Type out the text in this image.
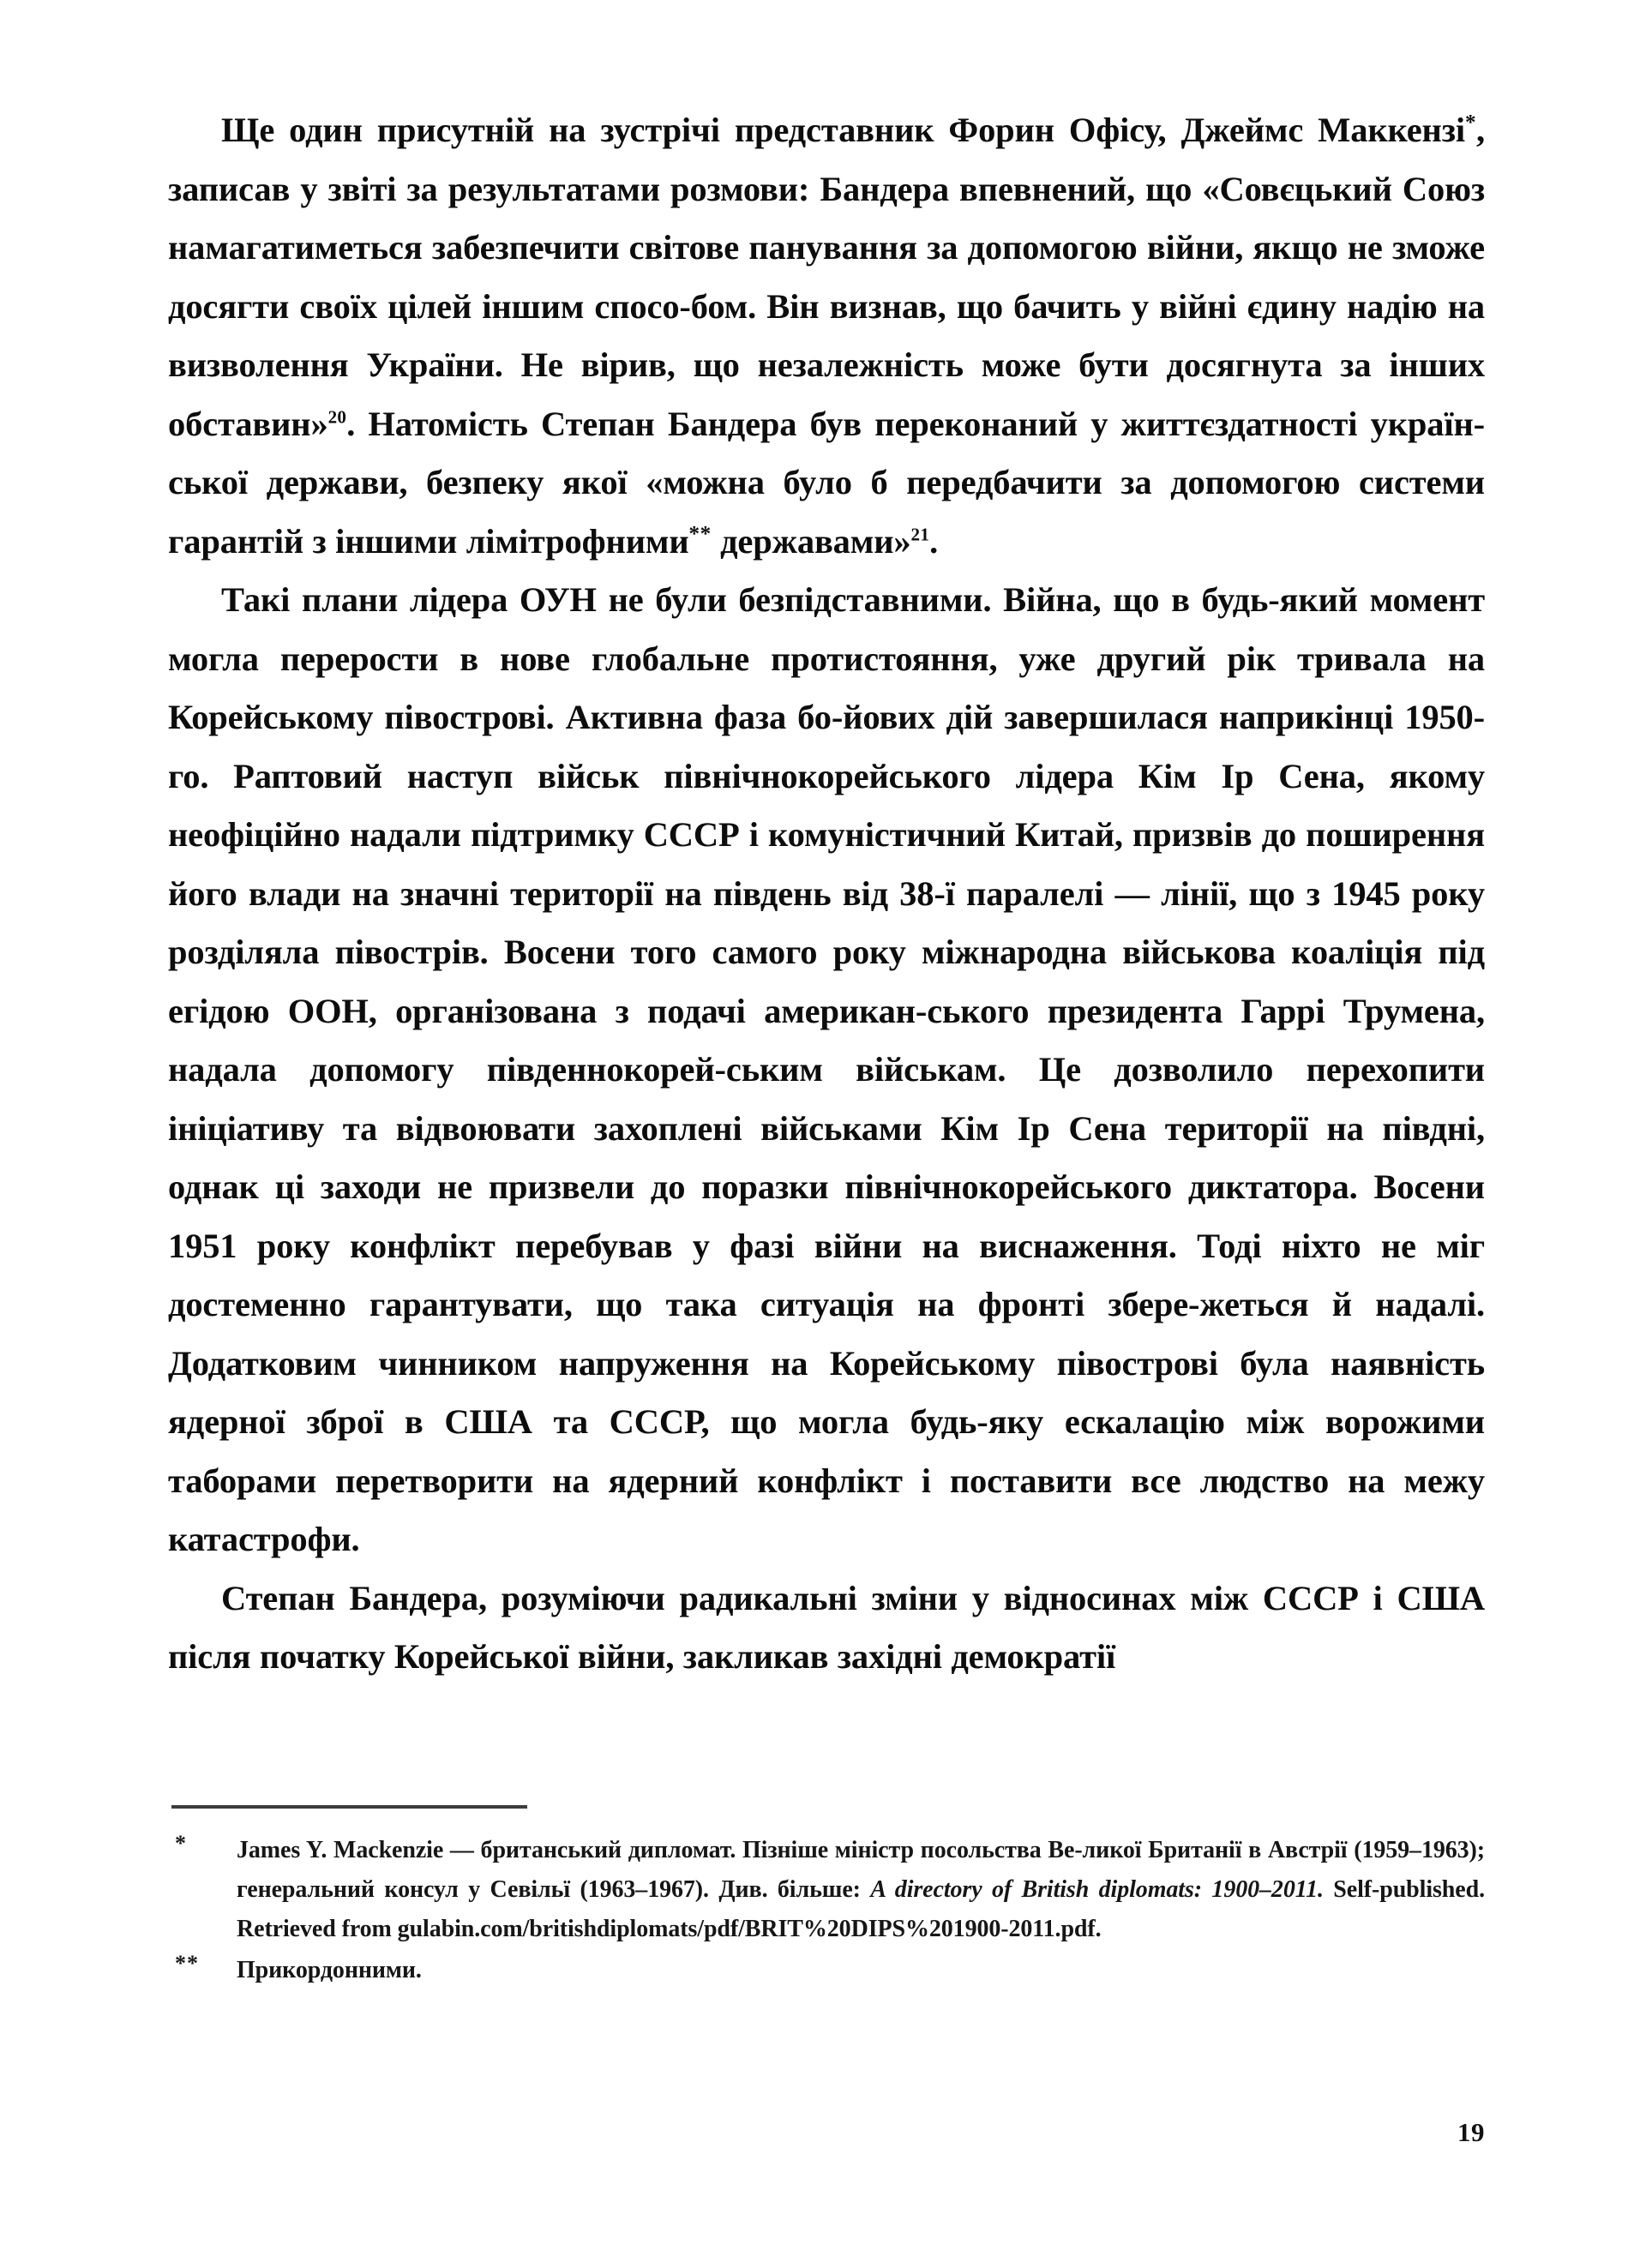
Ще один присутній на зустрічі представник Форин Офісу, Джеймс Маккензі*, записав у звіті за результатами розмови: Бандера впевнений, що «Совєцький Союз намагатиметься забезпечити світове панування за допомогою війни, якщо не зможе досягти своїх цілей іншим спосо-бом. Він визнав, що бачить у війні єдину надію на визволення України. Не вірив, що незалежність може бути досягнута за інших обставин»$^{20}$. Натомість Степан Бандера був переконаний у життєздатності україн-ської держави, безпеку якої «можна було б передбачити за допомогою системи гарантій з іншими лімітрофними** державами»$^{21}$.

Такі плани лідера ОУН не були безпідставними. Війна, що в будь-який момент могла перерости в нове глобальне протистояння, уже другий рік тривала на Корейському півострові. Активна фаза бо-йових дій завершилася наприкінці 1950-го. Раптовий наступ військ північнокорейського лідера Кім Ір Сена, якому неофіційно надали підтримку СССР і комуністичний Китай, призвів до поширення його влади на значні території на південь від 38-ї паралелі — лінії, що з 1945 року розділяла півострів. Восени того самого року міжнародна військова коаліція під егідою ООН, організована з подачі американ-ського президента Гаррі Трумена, надала допомогу південнокорей-ським військам. Це дозволило перехопити ініціативу та відвоювати захоплені військами Кім Ір Сена території на півдні, однак ці заходи не призвели до поразки північнокорейського диктатора. Восени 1951 року конфлікт перебував у фазі війни на виснаження. Тоді ніхто не міг достеменно гарантувати, що така ситуація на фронті збере-жеться й надалі. Додатковим чинником напруження на Корейському півострові була наявність ядерної зброї в США та СССР, що могла будь-яку ескалацію між ворожими таборами перетворити на ядерний конфлікт і поставити все людство на межу катастрофи.

Степан Бандера, розуміючи радикальні зміни у відносинах між СССР і США після початку Корейської війни, закликав західні демократії

*	James Y. Mackenzie — британський дипломат. Пізніше міністр посольства Ве-ликої Британії в Австрії (1959–1963); генеральний консул у Севільї (1963–1967). Див. більше: A directory of British diplomats: 1900–2011. Self-published. Retrieved from gulabin.com/britishdiplomats/pdf/BRIT%20DIPS%201900-2011.pdf.
**	Прикордонними.
19
